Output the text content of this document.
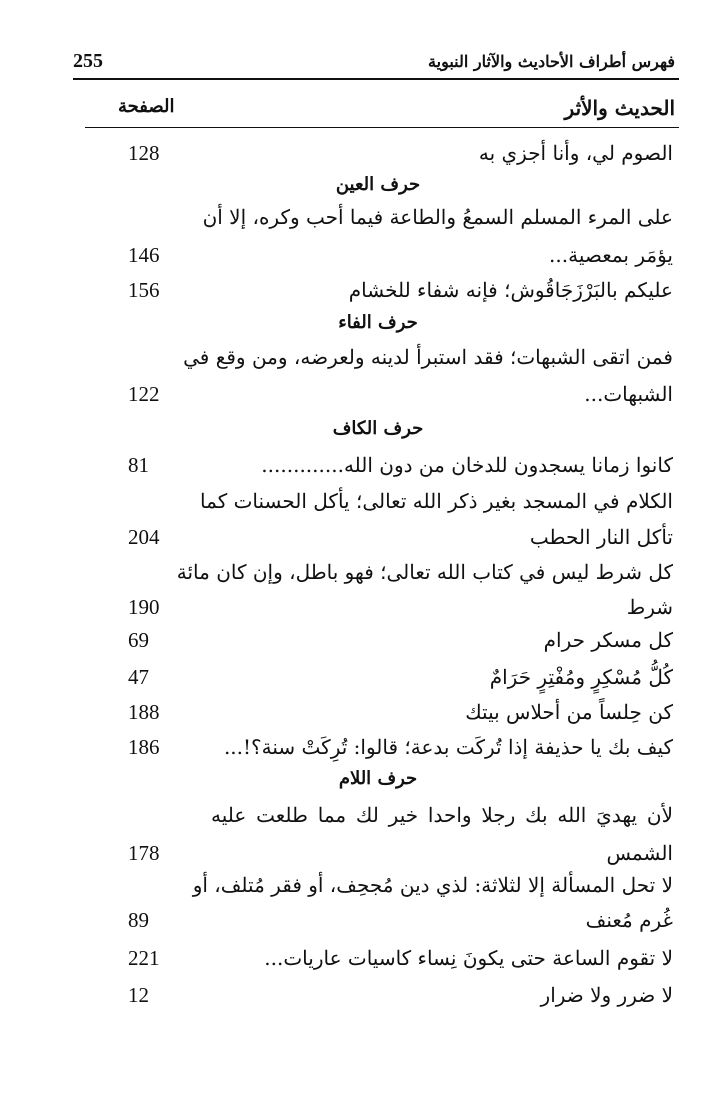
255	فهرس أطراف الأحاديث والآثار النبوية
الحديث والأثر
الصفحة
الصوم لي، وأنا أجزي به
128
حرف العين
على المرء المسلم السمعُ والطاعة فيما أحب وكره، إلا أن
يؤمَر بمعصية...
146
عليكم بالبَرْزَجَاقُوش؛ فإنه شفاء للخشام
156
حرف الفاء
فمن اتقى الشبهات؛ فقد استبرأ لدينه ولعرضه، ومن وقع في
الشبهات...
122
حرف الكاف
كانوا زمانا يسجدون للدخان من دون الله.............
81
الكلام في المسجد بغير ذكر الله تعالى؛ يأكل الحسنات كما
تأكل النار الحطب
204
كل شرط ليس في كتاب الله تعالى؛ فهو باطل، وإن كان مائة
شرط
190
كل مسكر حرام
69
كُلُّ مُسْكِرٍ ومُفْتِرٍ حَرَامٌ
47
كن حِلساً من أحلاس بيتك
188
كيف بك يا حذيفة إذا تُركَت بدعة؛ قالوا: تُرِكَتْ سنة؟!...
186
حرف اللام
لأن يهديَ الله بك رجلا واحدا خير لك مما طلعت عليه
الشمس
178
لا تحل المسألة إلا لثلاثة: لذي دين مُجحِف، أو فقر مُتلف، أو
غُرم مُعنف
89
لا تقوم الساعة حتى يكونَ نِساء كاسيات عاريات...
221
لا ضرر ولا ضرار
12
